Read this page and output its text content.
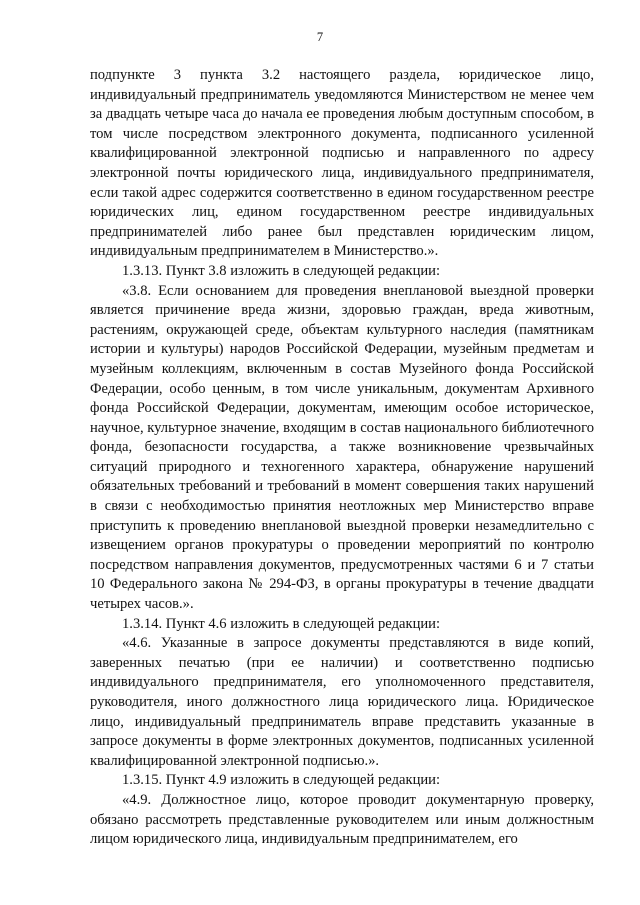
7

подпункте 3 пункта 3.2 настоящего раздела, юридическое лицо, индивидуальный предприниматель уведомляются Министерством не менее чем за двадцать четыре часа до начала ее проведения любым доступным способом, в том числе посредством электронного документа, подписанного усиленной квалифицированной электронной подписью и направленного по адресу электронной почты юридического лица, индивидуального предпринимателя, если такой адрес содержится соответственно в едином государственном реестре юридических лиц, едином государственном реестре индивидуальных предпринимателей либо ранее был представлен юридическим лицом, индивидуальным предпринимателем в Министерство.».

1.3.13. Пункт 3.8 изложить в следующей редакции:

«3.8. Если основанием для проведения внеплановой выездной проверки является причинение вреда жизни, здоровью граждан, вреда животным, растениям, окружающей среде, объектам культурного наследия (памятникам истории и культуры) народов Российской Федерации, музейным предметам и музейным коллекциям, включенным в состав Музейного фонда Российской Федерации, особо ценным, в том числе уникальным, документам Архивного фонда Российской Федерации, документам, имеющим особое историческое, научное, культурное значение, входящим в состав национального библиотечного фонда, безопасности государства, а также возникновение чрезвычайных ситуаций природного и техногенного характера, обнаружение нарушений обязательных требований и требований в момент совершения таких нарушений в связи с необходимостью принятия неотложных мер Министерство вправе приступить к проведению внеплановой выездной проверки незамедлительно с извещением органов прокуратуры о проведении мероприятий по контролю посредством направления документов, предусмотренных частями 6 и 7 статьи 10 Федерального закона № 294-ФЗ, в органы прокуратуры в течение двадцати четырех часов.».

1.3.14. Пункт 4.6 изложить в следующей редакции:

«4.6. Указанные в запросе документы представляются в виде копий, заверенных печатью (при ее наличии) и соответственно подписью индивидуального предпринимателя, его уполномоченного представителя, руководителя, иного должностного лица юридического лица. Юридическое лицо, индивидуальный предприниматель вправе представить указанные в запросе документы в форме электронных документов, подписанных усиленной квалифицированной электронной подписью.».

1.3.15. Пункт 4.9 изложить в следующей редакции:

«4.9. Должностное лицо, которое проводит документарную проверку, обязано рассмотреть представленные руководителем или иным должностным лицом юридического лица, индивидуальным предпринимателем, его
